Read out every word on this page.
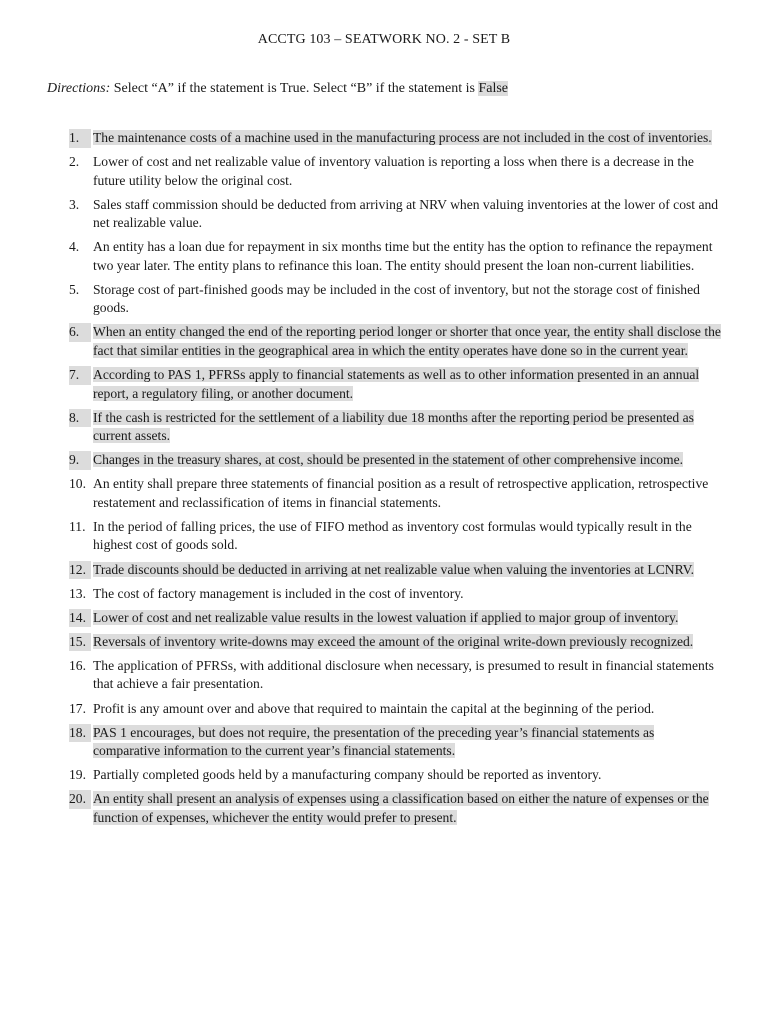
ACCTG 103 – SEATWORK NO. 2 - SET B
Directions: Select “A” if the statement is True. Select “B” if the statement is False
1.	The maintenance costs of a machine used in the manufacturing process are not included in the cost of inventories.
2.	Lower of cost and net realizable value of inventory valuation is reporting a loss when there is a decrease in the future utility below the original cost.
3.	Sales staff commission should be deducted from arriving at NRV when valuing inventories at the lower of cost and net realizable value.
4.	An entity has a loan due for repayment in six months time but the entity has the option to refinance the repayment two year later. The entity plans to refinance this loan. The entity should present the loan non-current liabilities.
5.	Storage cost of part-finished goods may be included in the cost of inventory, but not the storage cost of finished goods.
6.	When an entity changed the end of the reporting period longer or shorter that once year, the entity shall disclose the fact that similar entities in the geographical area in which the entity operates have done so in the current year.
7.	According to PAS 1, PFRSs apply to financial statements as well as to other information presented in an annual report, a regulatory filing, or another document.
8.	If the cash is restricted for the settlement of a liability due 18 months after the reporting period be presented as current assets.
9.	Changes in the treasury shares, at cost, should be presented in the statement of other comprehensive income.
10. An entity shall prepare three statements of financial position as a result of retrospective application, retrospective restatement and reclassification of items in financial statements.
11. In the period of falling prices, the use of FIFO method as inventory cost formulas would typically result in the highest cost of goods sold.
12. Trade discounts should be deducted in arriving at net realizable value when valuing the inventories at LCNRV.
13. The cost of factory management is included in the cost of inventory.
14. Lower of cost and net realizable value results in the lowest valuation if applied to major group of inventory.
15. Reversals of inventory write-downs may exceed the amount of the original write-down previously recognized.
16. The application of PFRSs, with additional disclosure when necessary, is presumed to result in financial statements that achieve a fair presentation.
17. Profit is any amount over and above that required to maintain the capital at the beginning of the period.
18. PAS 1 encourages, but does not require, the presentation of the preceding year’s financial statements as comparative information to the current year’s financial statements.
19. Partially completed goods held by a manufacturing company should be reported as inventory.
20. An entity shall present an analysis of expenses using a classification based on either the nature of expenses or the function of expenses, whichever the entity would prefer to present.
